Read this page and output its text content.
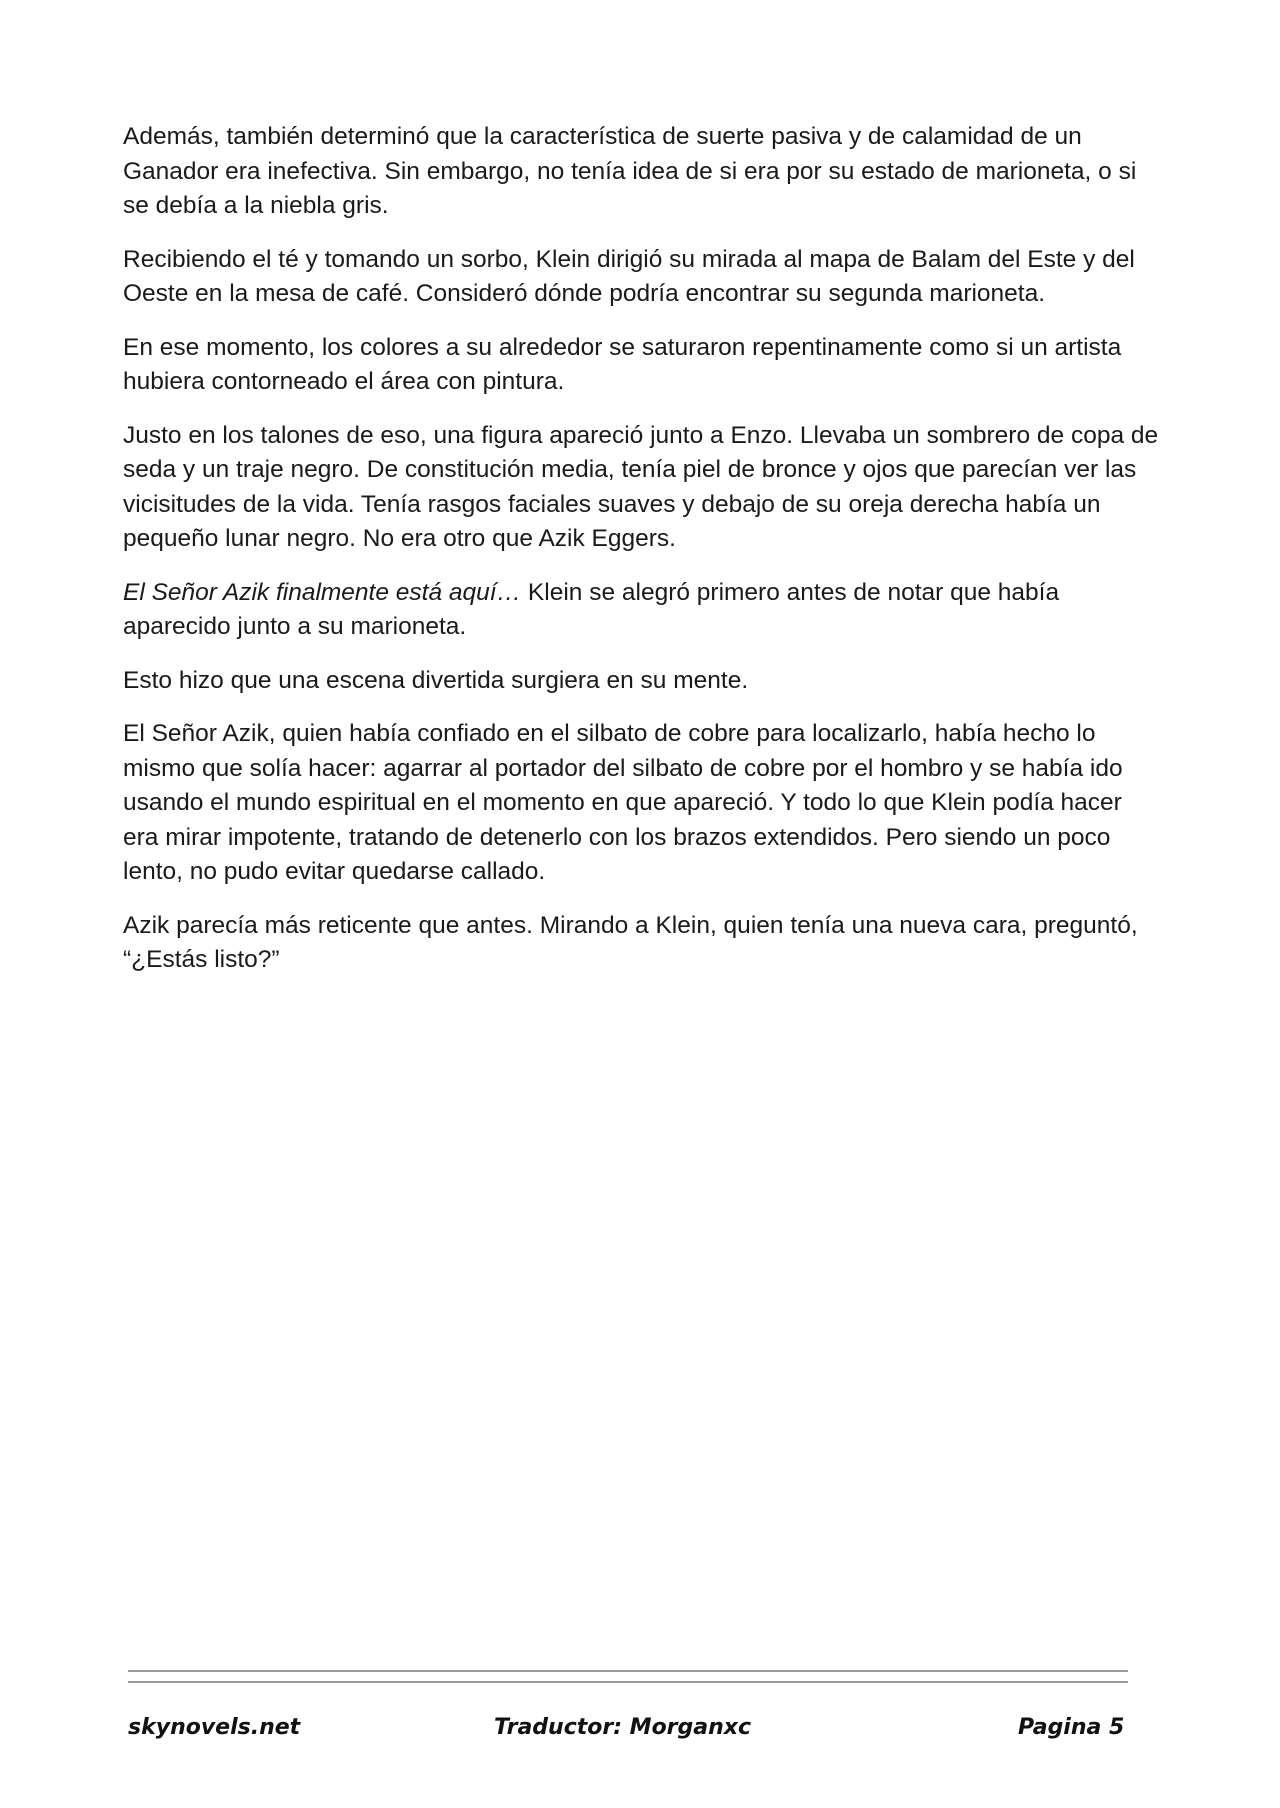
Además, también determinó que la característica de suerte pasiva y de calamidad de un Ganador era inefectiva. Sin embargo, no tenía idea de si era por su estado de marioneta, o si se debía a la niebla gris.

Recibiendo el té y tomando un sorbo, Klein dirigió su mirada al mapa de Balam del Este y del Oeste en la mesa de café. Consideró dónde podría encontrar su segunda marioneta.

En ese momento, los colores a su alrededor se saturaron repentinamente como si un artista hubiera contorneado el área con pintura.

Justo en los talones de eso, una figura apareció junto a Enzo. Llevaba un sombrero de copa de seda y un traje negro. De constitución media, tenía piel de bronce y ojos que parecían ver las vicisitudes de la vida. Tenía rasgos faciales suaves y debajo de su oreja derecha había un pequeño lunar negro. No era otro que Azik Eggers.

El Señor Azik finalmente está aquí… Klein se alegró primero antes de notar que había aparecido junto a su marioneta.

Esto hizo que una escena divertida surgiera en su mente.

El Señor Azik, quien había confiado en el silbato de cobre para localizarlo, había hecho lo mismo que solía hacer: agarrar al portador del silbato de cobre por el hombro y se había ido usando el mundo espiritual en el momento en que apareció. Y todo lo que Klein podía hacer era mirar impotente, tratando de detenerlo con los brazos extendidos. Pero siendo un poco lento, no pudo evitar quedarse callado.

Azik parecía más reticente que antes. Mirando a Klein, quien tenía una nueva cara, preguntó, “¿Estás listo?”

skynovels.net	Traductor: Morganxc	Pagina 5
